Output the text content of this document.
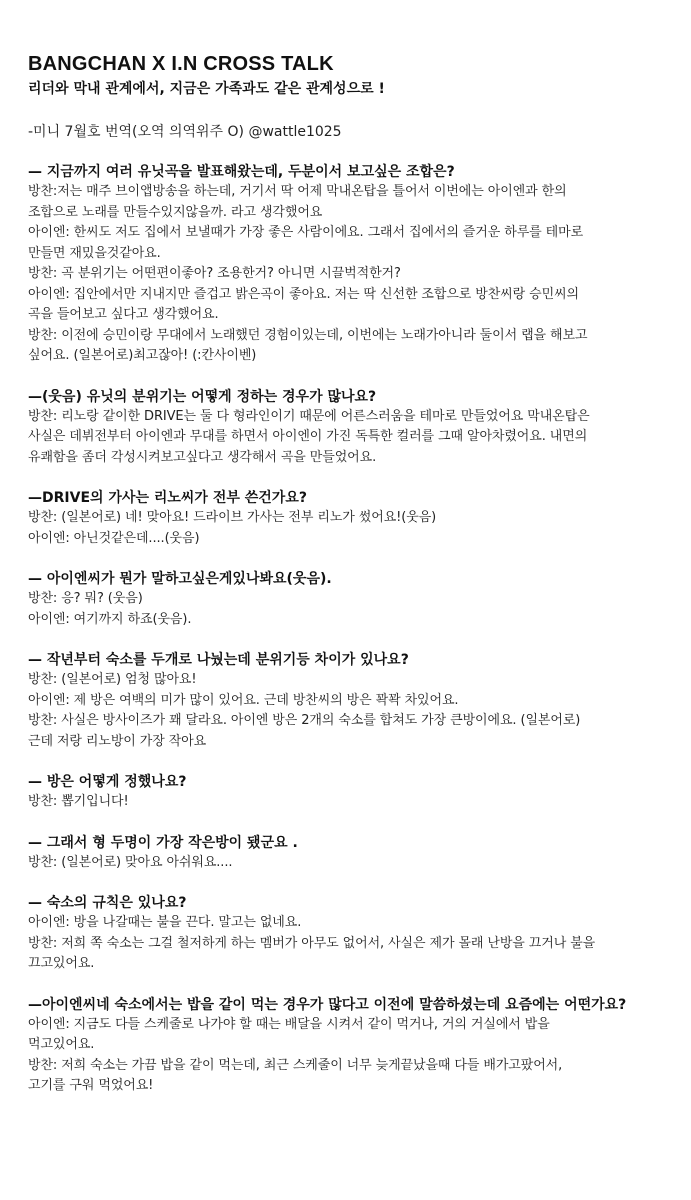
BANGCHAN X I.N CROSS TALK
리더와 막내 관계에서, 지금은 가족과도 같은 관계성으로 !
-미니 7월호 번역(오역 의역위주 O) @wattle1025

— 지금까지 여러 유닛곡을 발표해왔는데, 두분이서 보고싶은 조합은?

방찬:저는 매주 브이앱방송을 하는데, 거기서 딱 어제 막내온탑을 틀어서 이번에는 아이엔과 한의

조합으로 노래를 만들수있지않을까. 라고 생각했어요

아이엔: 한씨도 저도 집에서 보낼때가 가장 좋은 사람이에요. 그래서 집에서의 즐거운 하루를 테마로

만들면 재밌을것같아요.

방찬: 곡 분위기는 어떤편이좋아? 조용한거? 아니면 시끌벅적한거?

아이엔: 집안에서만 지내지만 즐겁고 밝은곡이 좋아요. 저는 딱 신선한 조합으로 방찬씨랑 승민씨의

곡을 들어보고 싶다고 생각했어요.

방찬: 이전에 승민이랑 무대에서 노래했던 경험이있는데, 이번에는 노래가아니라 둘이서 랩을 해보고

싶어요. (일본어로)최고잖아! (:칸사이벤)

—(웃음) 유닛의 분위기는 어떻게 정하는 경우가 많나요?

방찬: 리노랑 같이한 DRIVE는 둘 다 형라인이기 때문에 어른스러움을 테마로 만들었어요 막내온탑은

사실은 데뷔전부터 아이엔과 무대를 하면서 아이엔이 가진 독특한 컬러를 그때 알아차렸어요. 내면의

유쾌함을 좀더 각성시켜보고싶다고 생각해서 곡을 만들었어요.

—DRIVE의 가사는 리노씨가 전부 쓴건가요?

방찬: (일본어로) 네! 맞아요! 드라이브 가사는 전부 리노가 썼어요!(웃음)

아이엔: 아닌것같은데....(웃음)

— 아이엔씨가 뭔가 말하고싶은게있나봐요(웃음).

방찬: 응? 뭐? (웃음)

아이엔: 여기까지 하죠(웃음).

— 작년부터 숙소를 두개로 나눴는데 분위기등 차이가 있나요?

방찬: (일본어로) 엄청 많아요!

아이엔: 제 방은 여백의 미가 많이 있어요. 근데 방찬씨의 방은 꽉꽉 차있어요.

방찬: 사실은 방사이즈가 꽤 달라요. 아이엔 방은 2개의 숙소를 합쳐도 가장 큰방이에요. (일본어로)

근데 저랑 리노방이 가장 작아요

— 방은 어떻게 정했나요?

방찬: 뽑기입니다!

— 그래서 형 두명이 가장 작은방이 됐군요 .

방찬: (일본어로) 맞아요 아쉬워요....

— 숙소의 규칙은 있나요?

아이엔: 방을 나갈때는 불을 끈다. 말고는 없네요.

방찬: 저희 쪽 숙소는 그걸 철저하게 하는 멤버가 아무도 없어서, 사실은 제가 몰래 난방을 끄거나 불을

끄고있어요.

—아이엔씨네 숙소에서는 밥을 같이 먹는 경우가 많다고 이전에 말씀하셨는데 요즘에는 어떤가요?

아이엔: 지금도 다들 스케줄로 나가야 할 때는 배달을 시켜서 같이 먹거나, 거의 거실에서 밥을

먹고있어요.

방찬: 저희 숙소는 가끔 밥을 같이 먹는데, 최근 스케줄이 너무 늦게끝났을때 다들 배가고팠어서,

고기를 구워 먹었어요!
